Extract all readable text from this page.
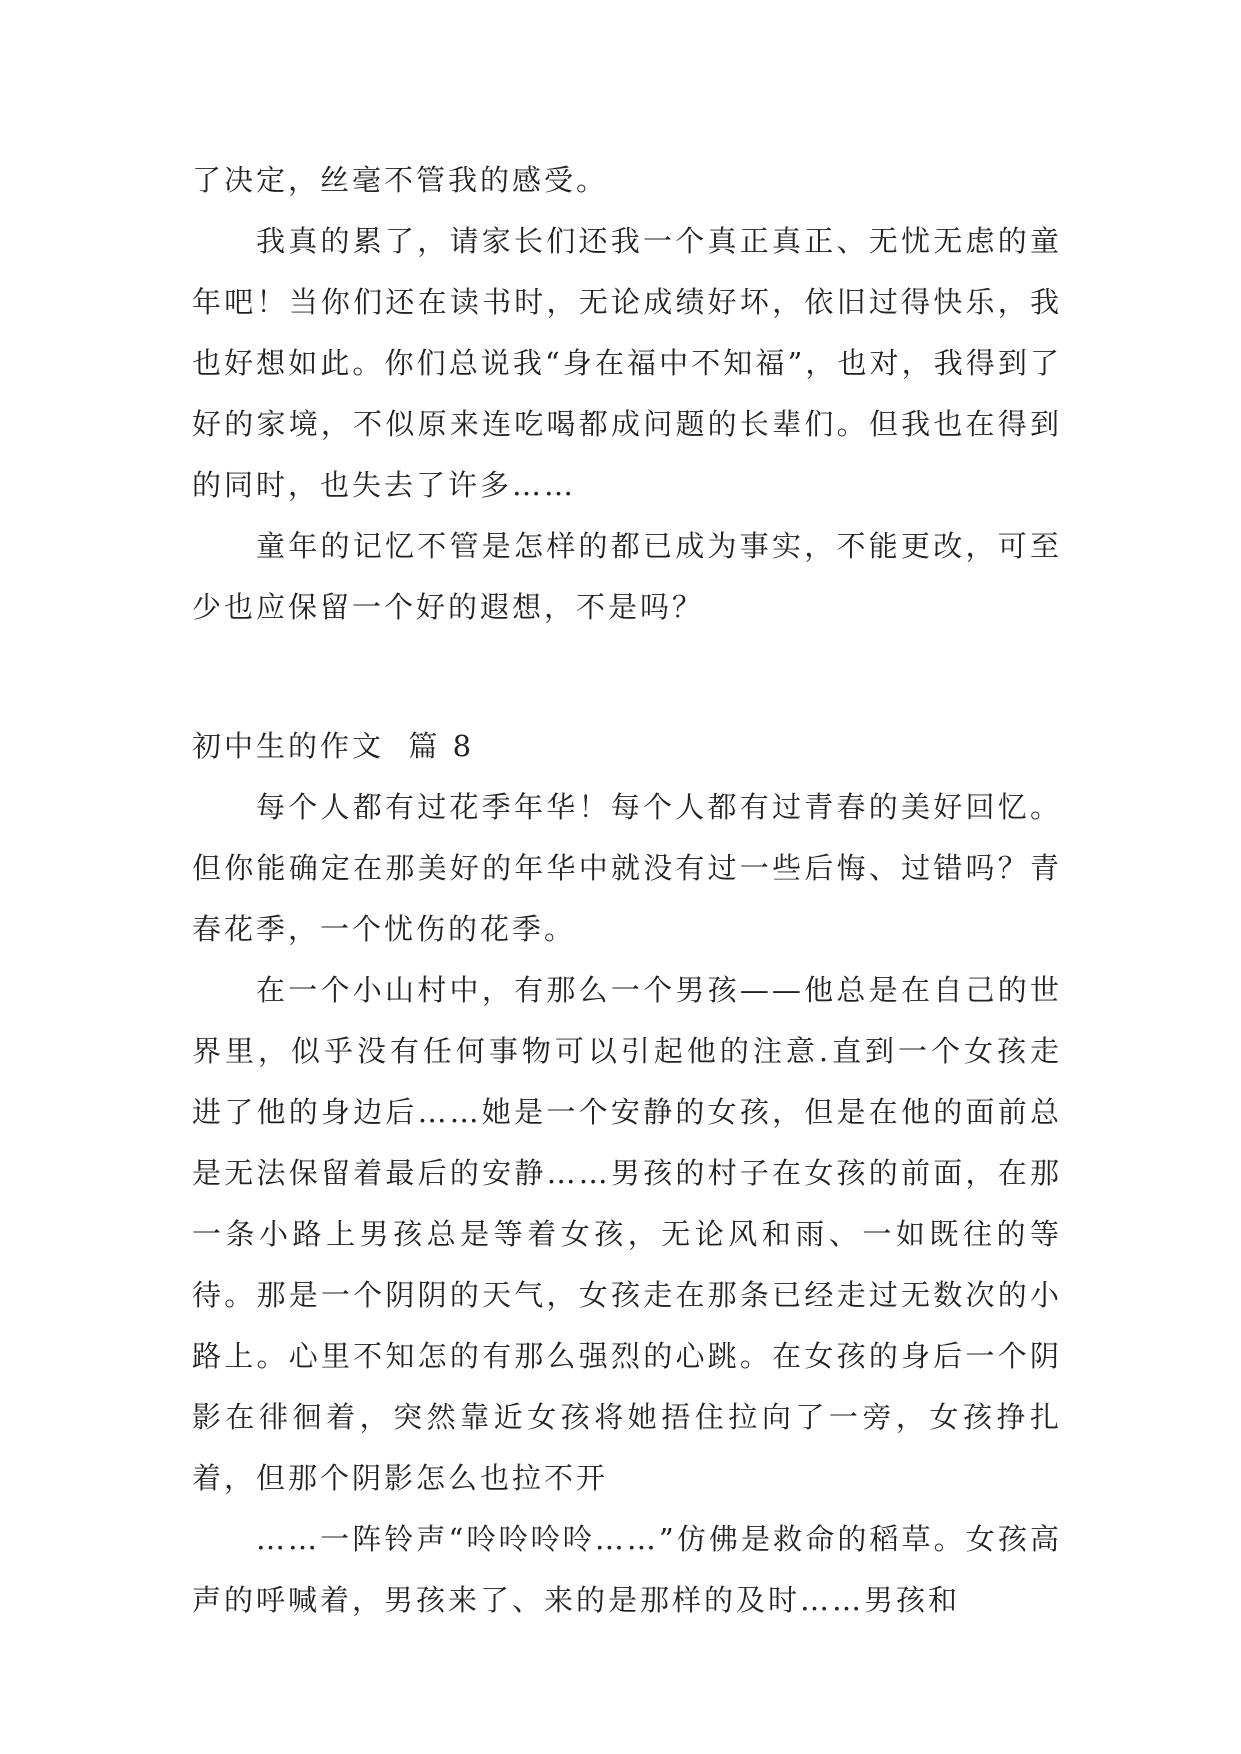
了决定，丝毫不管我的感受。

我真的累了，请家长们还我一个真正真正、无忧无虑的童年吧！当你们还在读书时，无论成绩好坏，依旧过得快乐，我也好想如此。你们总说我“身在福中不知福”，也对，我得到了好的家境，不似原来连吃喝都成问题的长辈们。但我也在得到的同时，也失去了许多……

童年的记忆不管是怎样的都已成为事实，不能更改，可至少也应保留一个好的遐想，不是吗？

初中生的作文  篇 8

每个人都有过花季年华！每个人都有过青春的美好回忆。但你能确定在那美好的年华中就没有过一些后悔、过错吗？青春花季，一个忧伤的花季。

在一个小山村中，有那么一个男孩——他总是在自己的世界里，似乎没有任何事物可以引起他的注意.直到一个女孩走进了他的身边后……她是一个安静的女孩，但是在他的面前总是无法保留着最后的安静……男孩的村子在女孩的前面，在那一条小路上男孩总是等着女孩，无论风和雨、一如既往的等待。那是一个阴阴的天气，女孩走在那条已经走过无数次的小路上。心里不知怎的有那么强烈的心跳。在女孩的身后一个阴影在徘徊着，突然靠近女孩将她捂住拉向了一旁，女孩挣扎着，但那个阴影怎么也拉不开

……一阵铃声“呤呤呤呤……”仿佛是救命的稻草。女孩高声的呼喊着，男孩来了、来的是那样的及时……男孩和
